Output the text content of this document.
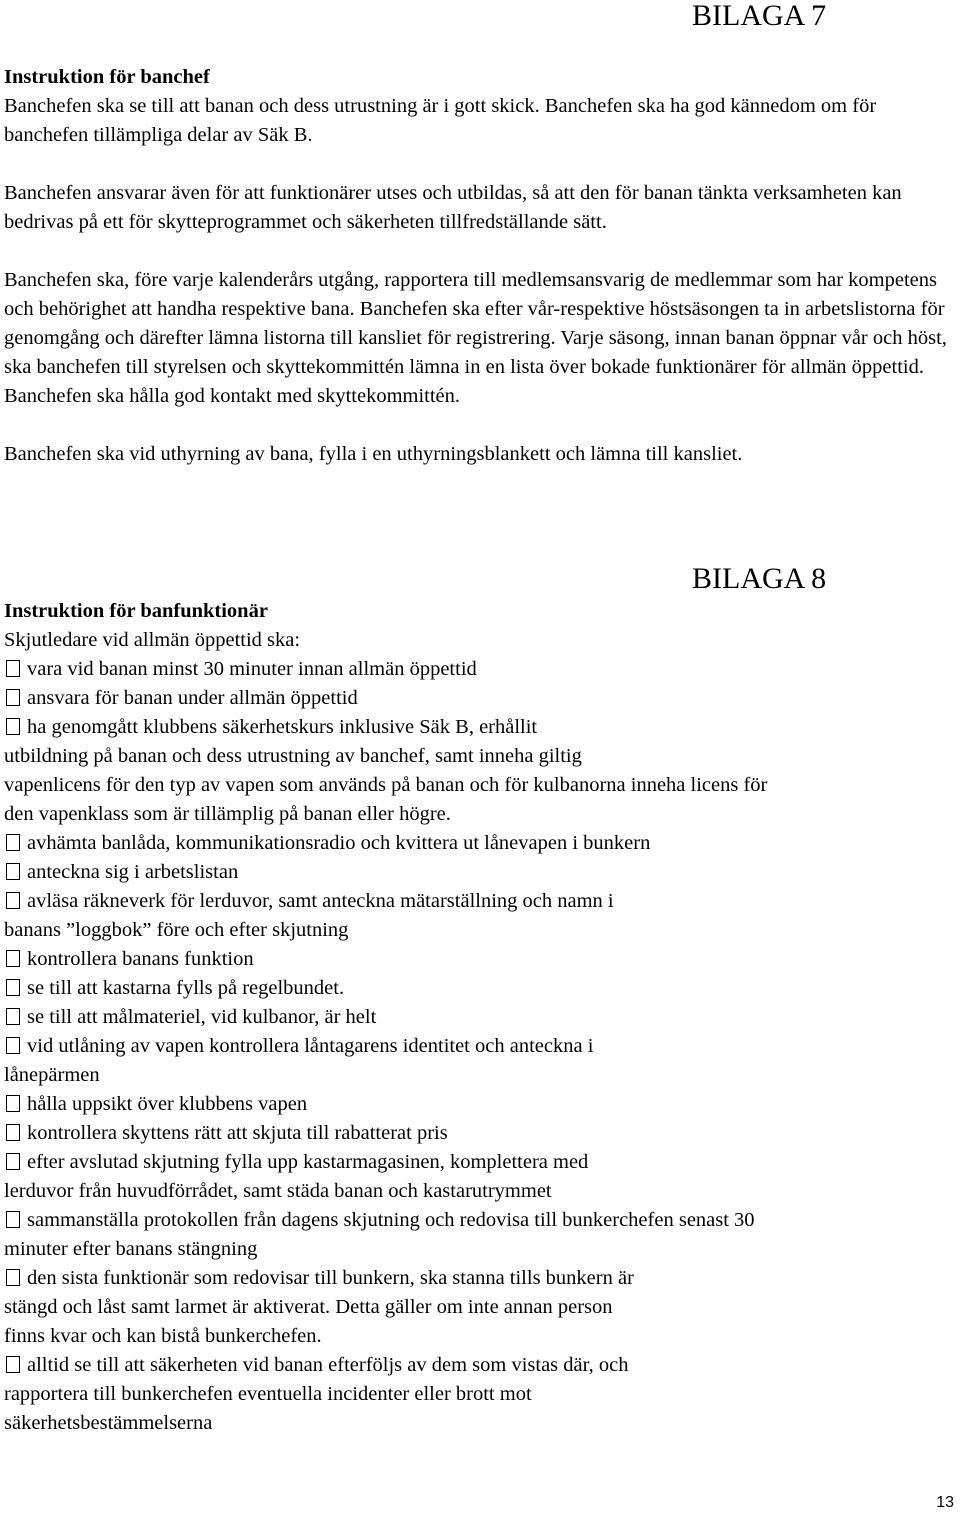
BILAGA 7

Instruktion för banchef

Banchefen ska se till att banan och dess utrustning är i gott skick. Banchefen ska ha god kännedom om för banchefen tillämpliga delar av Säk B.

Banchefen ansvarar även för att funktionärer utses och utbildas, så att den för banan tänkta verksamheten kan bedrivas på ett för skytteprogrammet och säkerheten tillfredställande sätt.

Banchefen ska, före varje kalenderårs utgång, rapportera till medlemsansvarig de medlemmar som har kompetens och behörighet att handha respektive bana. Banchefen ska efter vår-respektive höstsäsongen ta in arbetslistorna för genomgång och därefter lämna listorna till kansliet för registrering. Varje säsong, innan banan öppnar vår och höst, ska banchefen till styrelsen och skyttekommittén lämna in en lista över bokade funktionärer för allmän öppettid. Banchefen ska hålla god kontakt med skyttekommittén.

Banchefen ska vid uthyrning av bana, fylla i en uthyrningsblankett och lämna till kansliet.

BILAGA 8

Instruktion för banfunktionär

Skjutledare vid allmän öppettid ska:

vara vid banan minst 30 minuter innan allmän öppettid
ansvara för banan under allmän öppettid
ha genomgått klubbens säkerhetskurs inklusive Säk B, erhållit
utbildning på banan och dess utrustning av banchef, samt inneha giltig
vapenlicens för den typ av vapen som används på banan och för kulbanorna inneha licens för
den vapenklass som är tillämplig på banan eller högre.
avhämta banlåda, kommunikationsradio och kvittera ut lånevapen i bunkern
anteckna sig i arbetslistan
avläsa räkneverk för lerduvor, samt anteckna mätarställning och namn i
banans ”loggbok” före och efter skjutning
kontrollera banans funktion
se till att kastarna fylls på regelbundet.
se till att målmateriel, vid kulbanor, är helt
vid utlåning av vapen kontrollera låntagarens identitet och anteckna i
lånepärmen
hålla uppsikt över klubbens vapen
kontrollera skyttens rätt att skjuta till rabatterat pris
efter avslutad skjutning fylla upp kastarmagasinen, komplettera med
lerduvor från huvudförrådet, samt städa banan och kastarutrymmet
sammanställa protokollen från dagens skjutning och redovisa till bunkerchefen senast 30
minuter efter banans stängning
den sista funktionär som redovisar till bunkern, ska stanna tills bunkern är
stängd och låst samt larmet är aktiverat. Detta gäller om inte annan person
finns kvar och kan bistå bunkerchefen.
alltid se till att säkerheten vid banan efterföljs av dem som vistas där, och
rapportera till bunkerchefen eventuella incidenter eller brott mot
säkerhetsbestämmelserna
13
